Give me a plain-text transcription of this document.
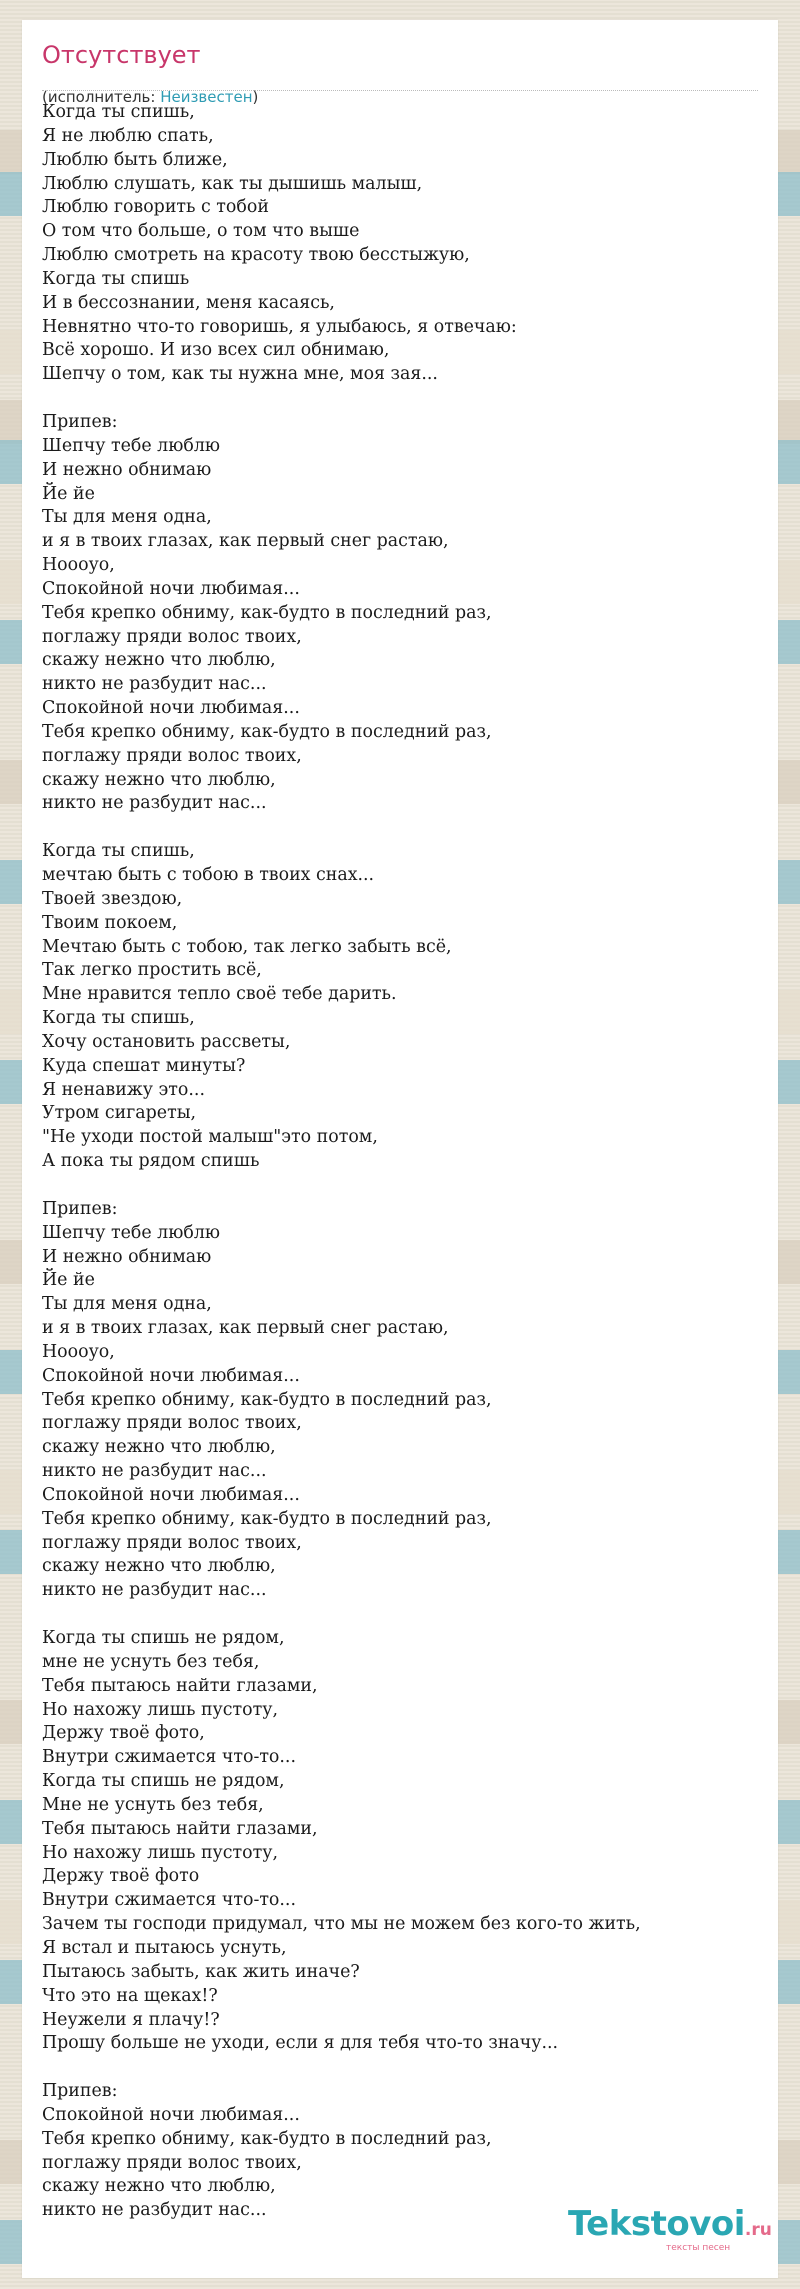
Отсутствует
(исполнитель: Неизвестен)
Когда ты спишь,
Я не люблю спать,
Люблю быть ближе,
Люблю слушать, как ты дышишь малыш,
Люблю говорить с тобой
О том что больше, о том что выше
Люблю смотреть на красоту твою бесстыжую,
Когда ты спишь
И в бессознании, меня касаясь,
Невнятно что-то говоришь, я улыбаюсь, я отвечаю:
Всё хорошо. И изо всех сил обнимаю,
Шепчу о том, как ты нужна мне, моя зая...
Припев:
Шепчу тебе люблю
И нежно обнимаю
Йе йе
Ты для меня одна,
и я в твоих глазах, как первый снег растаю,
Ноооуо,
Спокойной ночи любимая...
Тебя крепко обниму, как-будто в последний раз,
поглажу пряди волос твоих,
скажу нежно что люблю,
никто не разбудит нас...
Спокойной ночи любимая...
Тебя крепко обниму, как-будто в последний раз,
поглажу пряди волос твоих,
скажу нежно что люблю,
никто не разбудит нас...
Когда ты спишь,
мечтаю быть с тобою в твоих снах...
Твоей звездою,
Твоим покоем,
Мечтаю быть с тобою, так легко забыть всё,
Так легко простить всё,
Мне нравится тепло своё тебе дарить.
Когда ты спишь,
Хочу остановить рассветы,
Куда спешат минуты?
Я ненавижу это...
Утром сигареты,
"Не уходи постой малыш"это потом,
А пока ты рядом спишь
Припев:
Шепчу тебе люблю
И нежно обнимаю
Йе йе
Ты для меня одна,
и я в твоих глазах, как первый снег растаю,
Ноооуо,
Спокойной ночи любимая...
Тебя крепко обниму, как-будто в последний раз,
поглажу пряди волос твоих,
скажу нежно что люблю,
никто не разбудит нас...
Спокойной ночи любимая...
Тебя крепко обниму, как-будто в последний раз,
поглажу пряди волос твоих,
скажу нежно что люблю,
никто не разбудит нас...
Когда ты спишь не рядом,
мне не уснуть без тебя,
Тебя пытаюсь найти глазами,
Но нахожу лишь пустоту,
Держу твоё фото,
Внутри сжимается что-то...
Когда ты спишь не рядом,
Мне не уснуть без тебя,
Тебя пытаюсь найти глазами,
Но нахожу лишь пустоту,
Держу твоё фото
Внутри сжимается что-то...
Зачем ты господи придумал, что мы не можем без кого-то жить,
Я встал и пытаюсь уснуть,
Пытаюсь забыть, как жить иначе?
Что это на щеках!?
Неужели я плачу!?
Прошу больше не уходи, если я для тебя что-то значу...
Припев:
Спокойной ночи любимая...
Тебя крепко обниму, как-будто в последний раз,
поглажу пряди волос твоих,
скажу нежно что люблю,
никто не разбудит нас...	Tekstovoi.ru
тексты песен
